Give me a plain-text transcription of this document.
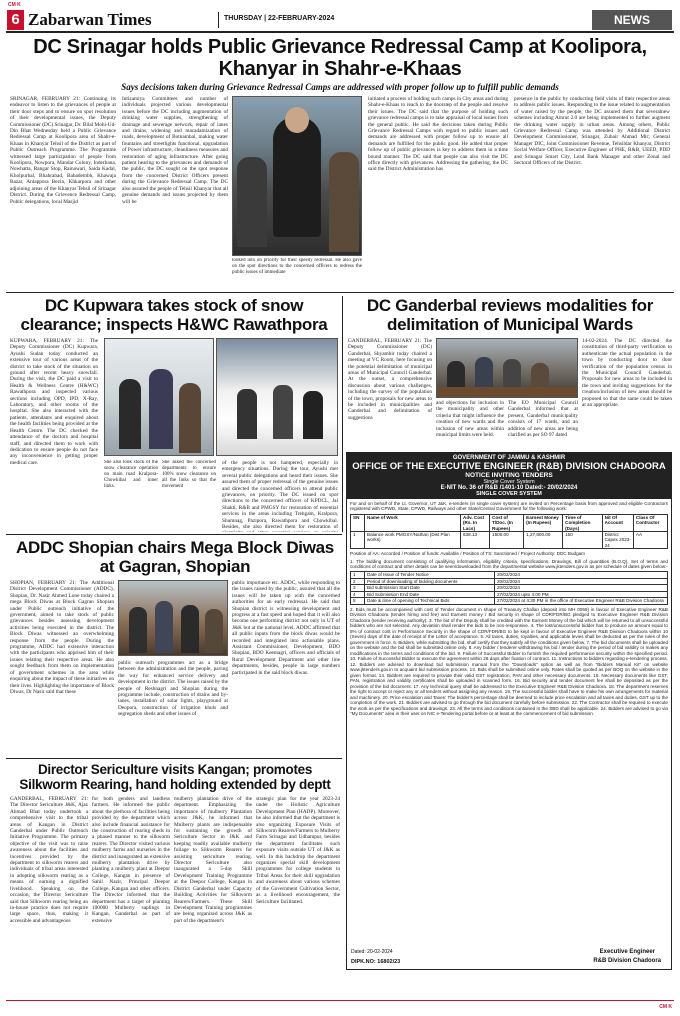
CM K
6 Zabarwan Times	THURSDAY | 22-FEBRUARY-2024	NEWS
DC Srinagar holds Public Grievance Redressal Camp at Koolipora, Khanyar in Shahr-e-Khaas
Says decisions taken during Grievance Redressal Camps are addressed with proper follow up to fulfill public demands
SRINAGAR, FEBRUARY 21: Continuing its endeavor to listen to the grievances of people at their door steps and to ensure on spot resolution of their developmental issues, the Deputy Commissioner (DC) Srinagar, Dr. Bilal Mohi-Ud-Din Bhat Wednesday held a Public Grievance Redressal Camp at Koolipora area of Shahr-e-Khaas in Khanyar Tehsil of the District as part of Public Outreach Programme. The Programme witnessed large participation of people from Koolipora, Nowpora, Mandar Colony, Inderbana, Nowhatta, Rangar Stop, Rainawari, Saida Kadal, Kholpurbal, Bhahrabad, Babadembh, Khawaja Bazar, Antappora Bezin, Khkarpora and other adjoining areas of the Khanyar Tehsil of Srinagar District. During the Grievence Redressal Camp, Public delegations, local Masjid
Intizamiya Committees and number of individuals projected various developmental issues before the DC including augmentation of drinking water supplies, strengthening of drainage and sewerage network, repair of lanes and drains, widening and macadamization of roads, development of Botnambal, making water fountains and streetlights functional, upgradation of Power infrastructure, cleanliness measures and restoration of aging infrastructure. After going patient hearing to the grievances and demands of the public, the DC sought on the spot response from the concerned District Officers present during the Grievance Redressal Camp. The DC also assured the people of Tehsil Khanyar that all genuine demands and issues projected by them will be
looked into on priority for their speedy redressal. He also gave on the spot directions to the concerned officers to redress the public issues of immediate
initiated a process of holding such camps in City areas and during Shahr-e-Khaas to reach to the doorstep of the people and resolve their issues. The DC said that the purpose of holding such grievance redressal camps is to take appraisal of local issues from the general public. He said the decisions taken during Public Grievance Redressal Camps with regard to public issues and demands are addressed with proper follow up to ensure all demands are fulfilled for the public good. He added that proper follow up of public grievances is key to address them in a time bound manner. The DC said that people can also visit the DC office directly with grievances. Addressing the gathering, the DC said the District Administration has
presence in the public by conducting field visits of their respective areas to address public issues. Responding to the issue related to augmentation of water raised by the people, the DC assured them that severalnew schemes including Amrut 2.0 are being implemented to further augment the drinking water supply in urban areas. Among others, Public Grievance Redressal Camp was attended by Additional District Development Commissioner, Srinagar, Zubair Ahmad Mir; General Manager DIC, Joint Commissioner Revenue, Tehsildar Khanyar, District Social Welfare Officer, Executive Engineer of PHE, R&B, UEED, PDD and Srinagar Smart City, Lead Bank Manager and other Zonal and Sectoral Officers of the District.
DC Kupwara takes stock of snow clearance; inspects H&WC Rawathpora
KUPWARA, FEBRUARY 21: The Deputy Commissioner (DC) Kupwara, Ayushi Sudan today conducted an extensive tour of various areas of the district to take stock of the situation on ground after recent heavy snowfall. During the visit, the DC paid a visit to Health & Wellness Centre (H&WC) Rawathpora and inspected various sections including OPD, IPD, X-Ray, Laboratory, and other rooms of the hospital. She also interacted with the patients, attendants and enquired about the health facilities being provided at the Health Centre. The DC checked the attendance of the doctors and hospital staff, and directed them to work with dedication to ensure people do not face any inconvenience in getting proper medical care.	She also took stock of the snow clearance operation on main road Kralpora-Chowkibal and inner links.
She asked the concerned departments to ensure 100% snow clearance on all the links so that the movement
of the people is not hampered, especially in emergency situations. During the tour, Ayushi met several public delegations and heard their issues. She assured them of proper redressal of the genuine issues and directed the concerned officers to attend public grievances, on priority. The DC issued on spot directions to the concerned officers of KPDCL, Jal Shakti, R&B and PMGSY for restoration of essential services in the areas including Trehgam, Kralpora, Shumnag, Pazipora, Rawathpora and Chowkibal. Besides, she also directed them for restoration of
DC Ganderbal reviews modalities for delimitation of Municipal Wards
GANDERBAL, FEBRUARY 21: The Deputy Commissioner (DC) Ganderbal, Shyambir today chaired a meeting at VC Room, here focusing on the potential delimitation of municipal areas of Municipal Council Ganderbal. At the outset, a comprehensive discussion about various challenges, including the survey of the population of the town, proposals for new areas to be included in municipalities and Ganderbal and delimitation of suggestions
and objections for inclusion in the municipality and other criteria that might influence the creation of new wards and the inclusion of new areas within municipal limits were held.
The EO Municipal Council Ganderbal informed that at present, Ganderbal municipality consists of 17 wards, and an addition of new areas are being clarified as per SO 97 dated
14-02-2024. The DC directed the constitution of third-party verification to authenticate the actual population in the town by conducting door to door verification of the population census in the Municipal Council Ganderbal. Proposals for new areas to be included in the town and inviting suggestions for the creation/inclusion of new areas should be proposed so that the same could be taken at an appropriate.
GOVERNMENT OF JAMMU & KASHMIR
OFFICE OF THE EXECUTIVE ENGINEER (R&B) DIVISION CHADOORA
NOTICE INVITING TENDERS
Single Cover System
E-NIT No. 36 of R&B /1401-10 Dated:- 20/02/2024
SINGLE COVER SYSTEM
For and on behalf of the Lt. Governor, UT J&K, e-tenders (in single cover system) are invited on Percentage basis from approved and eligible Contractors registered with CPWD, State, CPWD, Railways and other State/Central Government for the following work:
SN	Name of Work	Adv. Cost (Rs. In Lacs)	Cost of T/Doc. (In Rupees)	Earnest Money (In Rupees)	Time of Completion (Days)	Nit Of Account	Class Of Contractor
1	Balance work PMGSY/Nathan (Dist Plan works)	638.13	1500.00	1,27,800.00	150	District Capex 2023-24	AA
Position of AA: Accorded / Position of funds: Available / Position of TS: Sanctioned / Project Authority: DDC Budgam
1. The bidding document consisting of qualifying information, eligibility criteria, specifications, Drawings, Bill of quantities (B.O.Q), Set of terms and conditions of contract and other details can be seen/downloaded from the departmental website www.jktenders.gov.in as per schedule of dates given below:-
1	Date of Issue of Tender Notice	20/02/2024
2	Period of downloading of bidding documents	20/02/2024
3	Bid submission Start Date	20/02/2024
4	Bid Submission End Date	27/02/2024 upto 4:00 PM
5	Date & time of opening of Technical Bids	27/02/2024 at 4:30 PM in the office of Executive Engineer R&B Division Chadoora
2. Bids must be accompanied with cost of Tender document in shape of Treasury Challan (deposit into MH 0059) in favour of Executive Engineer R&B Division Chadoora (tender hiring and fee) and Earnest money / Bid security in shape of CDR/FDR/BG pledged to Executive Engineer R&B Division Chadoora (tender receiving authority). 3. The bid of the Deputy shall be credited with the Earnest Money of the bid which will be returned to all unsuccessful bidders who are not selected. Any deviation shall render the bids to be non-responsive. 4. The lost/unsuccessful bidder has to produce an amount equal to 5% of contract cost in Performance Security in the shape of CDR/FDR/BG to be kept in favour of Executive Engineer R&B Division Chadoora within 10 (Seven) days of the date of receipt of the Letter of acceptance. 5. All taxes, duties, royalties, and applicable levies shall be deducted as per the rules of the government in force. 6. Bidders, while submitting the bid, shall certify that they satisfy all the conditions given below. 7. The bid documents shall be uploaded on the website and the bid shall be submitted online only. 8. Any bidder / tenderer withdrawing his bid / tender during the period of bid validity or makes any modifications in the terms and conditions of the bid. 9. Failure of Successful Bidder to furnish the required performance security within the specified period. 10. Failure of Successful Bidder to execute the agreement within 28 days after fixation of contract. 11. Instructions to bidders regarding e-tendering process. 12. Bidders are advised to download bid submission manual from the "Downloads" option as well as from "Bidders Manual Kit" on website www.jktenders.gov.in to acquaint bid submission process. 13. Bids shall be submitted online only. Rates shall be quoted as per BOQ on the website in the given format. 14. Bidders are required to provide their valid GST registration, PAN and other necessary documents. 15. Necessary documents like GST, PAN, registration and validity certificates shall be uploaded in scanned form. 16. Bid security and tender document fee shall be deposited as per the provision of the bid document. 17. Any technical query shall be addressed to the Executive Engineer R&B Division Chadoora. 18. The department reserves the right to accept or reject any or all tenders without assigning any reason. 19. The successful bidder shall have to make his own arrangements for material and machinery. 20. Price escalation and Taxes: The bidder's percentage shall be deemed to include price escalation and all taxes and duties, GST up to the completion of the work. 21. Bidders are advised to go through the bid document carefully before submission. 22. The Contractor shall be required to execute the work as per the specifications and drawings. 23. All the terms and conditions contained in the SBD shall be applicable. 24. Bidders are advised to go via "My Documents" area in their user on NIC e-Tendering portal before or at least at the commencement of bid submission.
Dated: 20-02-2024
DIPK.NO: 16802/23
Executive Engineer
R&B Division Chadoora
ADDC Shopian chairs Mega Block Diwas at Gagran, Shopian
SHOPIAN, FEBRUARY 21: The Additional District Development Commissioner (ADDC), Shopian, Dr. Nasir Ahmed Lone today chaired a mega Block Diwas at Block Gagran Shopian under Public outreach initiative of the government, aimed to take stock of public grievances besides assessing development activities being executed in the district. The Block Diwas witnessed an overwhelming response from the people. During the programme, ADDC had extensive interaction with the participants who apprised him of their issues relating their respective areas. He also sought feedback from them on implementation of government schemes in the area while enquiring about the impact of these initiatives on their lives. Highlighting the importance of Block Diwas, Dr Nasir said that these
public outreach programmes act as a bridge between the administration and the people, paving the way for enhanced service delivery and development in the district. The issues raised by the people of Reshnagri and Shopian during the programme include, construction of drains and by-lanes, installation of solar lights, playground at Deopora, construction of irrigation khuls and segregation sheds and other issues of
public importance etc. ADDC, while responding to the issues raised by the public, assured that all the issues will be taken up with the concerned authorities for an early redressal. He said that Shopian district is witnessing development and progress at a fast speed and hoped that it will also become one performing district not only in UT of J&K but at the national level. ADDC affirmed that all public inputs from the block diwas would be recorded and integrated into actionable plans. Assistant Commissioner, Development, BDO Shopian, BDO Keemagri, officers and officials of Rural Development Department and other line departments, besides, people in large numbers participated in the said block diwas.
Director Sericulture visits Kangan; promotes Silkworm Rearing, hand holding extended by deptt
GANDERBAL, FEBRUARY 21: The Director Sericulture J&K, Ajaz Ahmad Bhat today undertook a comprehensive visit to the tribal areas of Kangan in District Ganderbal under Public Outreach Initiative Programme. The primary objective of the visit was to raise awareness about the facilities and incentives provided by the department to silkworm rearers and individuals of tribal areas interested in adopting silkworm rearing as a means of earning a dignified livelihood. Speaking on the occasion, the Director Sericulture said that Silkworm rearing being an in-house practice does not require large space, thus, making it accessible and advantageous
for both genders and landless farmers. He informed the public about the plethora of facilities being provided by the department which also include financial assistance for the construction of rearing sheds in a phased manner to the silkworm rearers. The Director visited various mulberry farms and nurseries in the district and inaugurated an extensive mulberry plantation drive by planting a mulberry plant at Deepor College, Kangan in presence of Sahil Nazir, Principal Deepor College, Kangan and other officers. The Director informed that the department has a target of planting 100000 Mulberry saplings in Kangan, Ganderbal as part of extensive
mulberry plantation drive of the department. Emphasizing the importance of mulberry Plantation across J&K, he informed that Mulberry plants are indispensable for sustaining the growth of Sericulture Sector in J&K and keeping readily available mulberry foliage to Silkworm Rearers for assisting sericulture rearing. Director Sericulture also inaugurated a 5-day Skill Development Training Programme at the Deepor College, Kangan in District Ganderbal under Capacity Building Activities for Silkworm Rearers/Farmers. These Skill Development Training programmes are being organized across J&K as part of the department's
strategic plan for the year 2023-24 under the Holistic Agriculture Development Plan (HADP). Moreover, he also informed that the department is also organizing Exposure Visits of Silkworm Rearers/Farmers to Mulberry Farm Srinagar and Udhampur, besides the department facilitates such exposure visits outside UT of J&K as well. In this backdrop the department organizes special skill development programmes for college students in Tribal Areas for their skill upgradation and awareness about various schemes of the Government Cultivation Sector, as a livelihood encouragement, the Sericulture facilitated.
CM K
